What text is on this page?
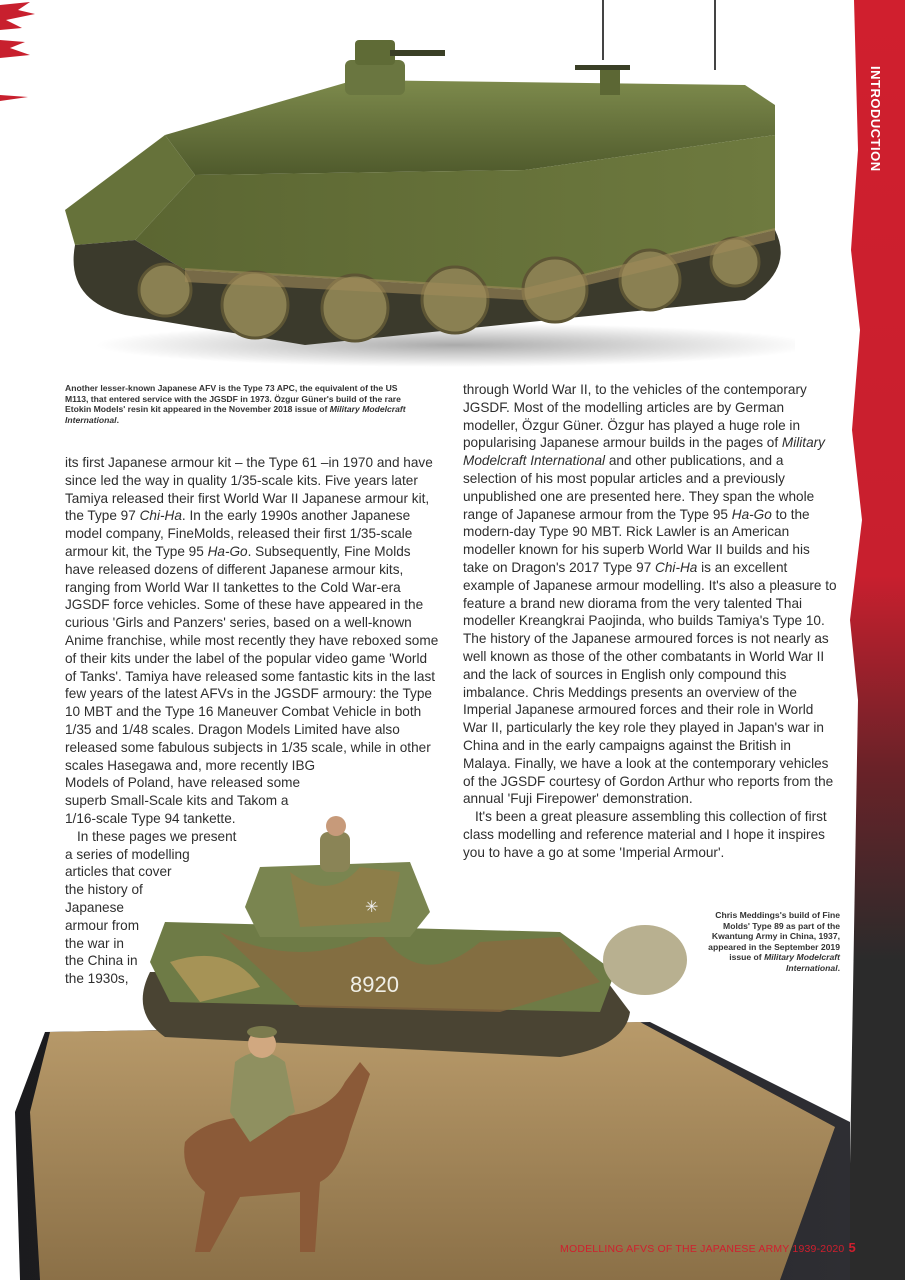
INTRODUCTION
Another lesser-known Japanese AFV is the Type 73 APC, the equivalent of the US M113, that entered service with the JGSDF in 1973. Özgur Güner's build of the rare Etokin Models' resin kit appeared in the November 2018 issue of Military Modelcraft International.
✳
8920

its first Japanese armour kit – the Type 61 –in 1970 and have since led the way in quality 1/35-scale kits. Five years later Tamiya released their first World War II Japanese armour kit, the Type 97 Chi-Ha. In the early 1990s another Japanese model company, FineMolds, released their first 1/35-scale armour kit, the Type 95 Ha-Go. Subsequently, Fine Molds have released dozens of different Japanese armour kits, ranging from World War II tankettes to the Cold War-era JGSDF force vehicles. Some of these have appeared in the curious 'Girls and Panzers' series, based on a well-known Anime franchise, while most recently they have reboxed some of their kits under the label of the popular video game 'World of Tanks'. Tamiya have released some fantastic kits in the last few years of the latest AFVs in the JGSDF armoury: the Type 10 MBT and the Type 16 Maneuver Combat Vehicle in both 1/35 and 1/48 scales. Dragon Models Limited have also released some fabulous subjects in 1/35 scale, while in other scales Hasegawa and, more recently IBG

Models of Poland, have released some
superb Small-Scale kits and Takom a
1/16-scale Type 94 tankette.
In these pages we present
a series of modelling
articles that cover
the history of
Japanese
armour from
the war in
the China in
the 1930s,

through World War II, to the vehicles of the contemporary JGSDF. Most of the modelling articles are by German modeller, Özgur Güner. Özgur has played a huge role in popularising Japanese armour builds in the pages of Military Modelcraft International and other publications, and a selection of his most popular articles and a previously unpublished one are presented here. They span the whole range of Japanese armour from the Type 95 Ha-Go to the modern-day Type 90 MBT. Rick Lawler is an American modeller known for his superb World War II builds and his take on Dragon's 2017 Type 97 Chi-Ha is an excellent example of Japanese armour modelling. It's also a pleasure to feature a brand new diorama from the very talented Thai modeller Kreangkrai Paojinda, who builds Tamiya's Type 10. The history of the Japanese armoured forces is not nearly as well known as those of the other combatants in World War II and the lack of sources in English only compound this imbalance. Chris Meddings presents an overview of the Imperial Japanese armoured forces and their role in World War II, particularly the key role they played in Japan's war in China and in the early campaigns against the British in Malaya. Finally, we have a look at the contemporary vehicles of the JGSDF courtesy of Gordon Arthur who reports from the annual 'Fuji Firepower' demonstration.

It's been a great pleasure assembling this collection of first class modelling and reference material and I hope it inspires you to have a go at some 'Imperial Armour'.

Chris Meddings's build of Fine Molds' Type 89 as part of the Kwantung Army in China, 1937, appeared in the September 2019 issue of Military Modelcraft International.
MODELLING AFVS OF THE JAPANESE ARMY 1939-2020 5
